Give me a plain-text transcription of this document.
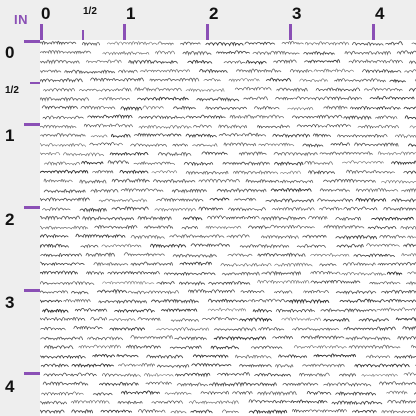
IN 0	1/2 1	2	3	4
0
1/2
1
2
3
4
